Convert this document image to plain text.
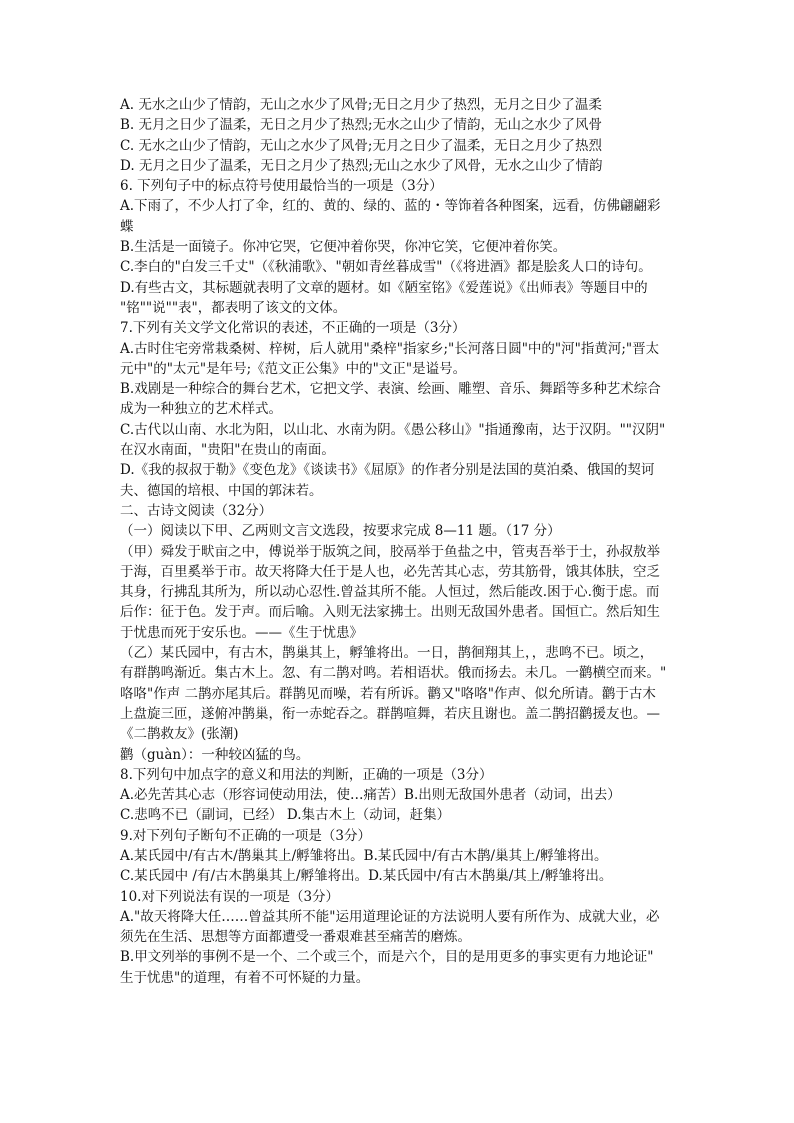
A. 无水之山少了情韵，无山之水少了风骨;无日之月少了热烈，无月之日少了温柔

B. 无月之日少了温柔，无日之月少了热烈;无水之山少了情韵，无山之水少了风骨

C. 无水之山少了情韵，无山之水少了风骨;无月之日少了温柔，无日之月少了热烈

D. 无月之日少了温柔，无日之月少了热烈;无山之水少了风骨，无水之山少了情韵

6. 下列句子中的标点符号使用最恰当的一项是（3分）

A.下雨了，不少人打了伞，红的、黄的、绿的、蓝的・等饰着各种图案，远看，仿佛翩翩彩

蝶

B.生活是一面镜子。你冲它哭，它便冲着你哭，你冲它笑，它便冲着你笑。

C.李白的"白发三千丈"（《秋浦歌》、"朝如青丝暮成雪"（《将进酒》都是脍炙人口的诗句。

D.有些古文，其标题就表明了文章的题材。如《陋室铭》《爱莲说》《出师表》等题目中的

"铭""说""表"，都表明了该文的文体。

7.下列有关文学文化常识的表述，不正确的一项是（3分）

A.古时住宅旁常栽桑树、梓树，后人就用"桑梓"指家乡;"长河落日圆"中的"河"指黄河;"晋太

元中"的"太元"是年号;《范文正公集》中的"文正"是谥号。

B.戏剧是一种综合的舞台艺术，它把文学、表演、绘画、雕塑、音乐、舞蹈等多种艺术综合

成为一种独立的艺术样式。

C.古代以山南、水北为阳，以山北、水南为阴。《愚公移山》"指通豫南，达于汉阴。""汉阴"

在汉水南面，"贵阳"在贵山的南面。

D.《我的叔叔于勒》《变色龙》《谈读书》《屈原》的作者分别是法国的莫泊桑、俄国的契诃

夫、德国的培根、中国的郭沫若。

二、古诗文阅读（32分）

（一）阅读以下甲、乙两则文言文选段，按要求完成 8—11 题。（17 分）

（甲）舜发于畎亩之中，傅说举于版筑之间，胶鬲举于鱼盐之中，管夷吾举于士，孙叔敖举

于海，百里奚举于市。故天将降大任于是人也，必先苦其心志，劳其筋骨，饿其体肤，空乏

其身，行拂乱其所为，所以动心忍性.曾益其所不能。人恒过，然后能改.困于心.衡于虑。而

后作：征于色。发于声。而后喻。入则无法家拂士。出则无敌国外患者。国恒亡。然后知生

于忧患而死于安乐也。——《生于忧患》

（乙）某氏园中，有古木，鹊巢其上，孵雏将出。一日，鹊徊翔其上，，悲鸣不已。顷之，

有群鹊鸣渐近。集古木上。忽、有二鹊对鸣。若相语状。俄而扬去。未几。一鹳横空而来。"

咯咯"作声 二鹊亦尾其后。群鹊见而噪，若有所诉。鹳又"咯咯"作声、似允所请。鹳于古木

上盘旋三匝，遂俯冲鹊巢，衔一赤蛇吞之。群鹊喧舞，若庆且谢也。盖二鹊招鹳援友也。—

《二鹊救友》(张潮)

鹳（guàn）：一种较凶猛的鸟。

8.下列句中加点字的意义和用法的判断，正确的一项是（3分）

A.必先苦其心志（形容词使动用法，使…痛苦）B.出则无敌国外患者（动词，出去）

C.悲鸣不已（副词，已经） D.集古木上（动词，赶集）

9.对下列句子断句不正确的一项是（3分）

A.某氏园中/有古木/鹊巢其上/孵雏将出。B.某氏园中/有古木鹊/巢其上/孵雏将出。

C.某氏园中 /有/古木鹊巢其上/孵雏将出。D.某氏园中/有古木鹊巢/其上/孵雏将出。

10.对下列说法有误的一项是（3分）

A."故天将降大任……曾益其所不能"运用道理论证的方法说明人要有所作为、成就大业，必

须先在生活、思想等方面都遭受一番艰难甚至痛苦的磨炼。

B.甲文列举的事例不是一个、二个或三个，而是六个，目的是用更多的事实更有力地论证"

生于忧患"的道理，有着不可怀疑的力量。
